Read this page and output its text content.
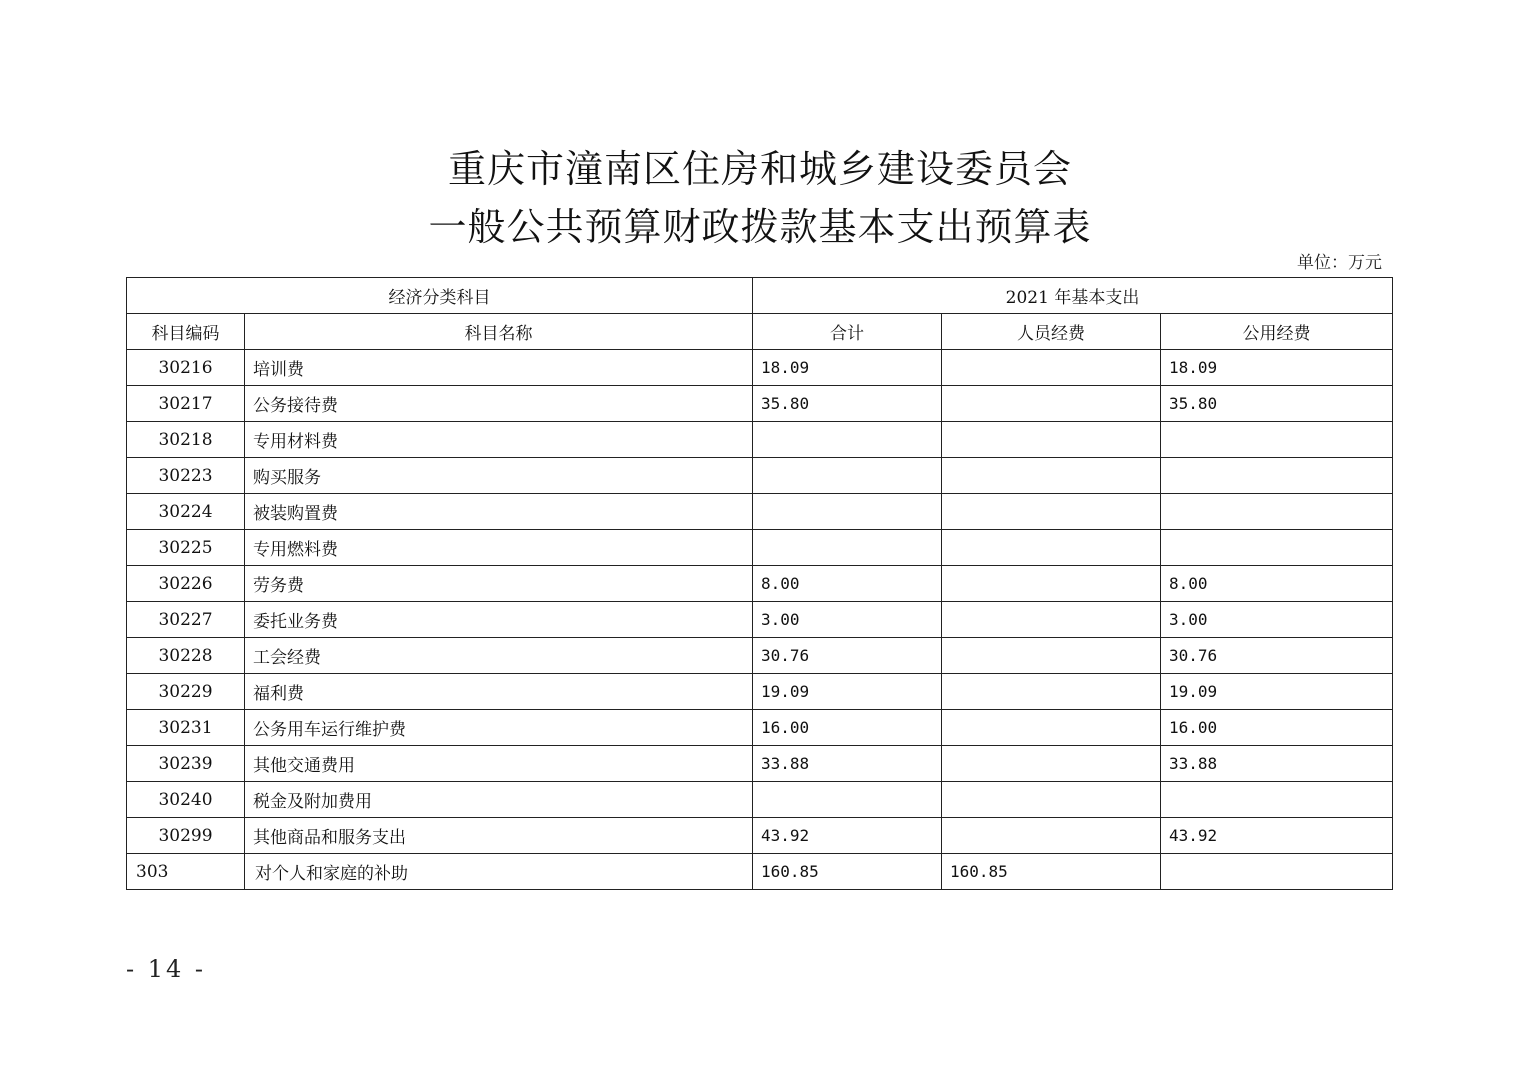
重庆市潼南区住房和城乡建设委员会
一般公共预算财政拨款基本支出预算表
单位：万元
经济分类科目		2021 年基本支出		
科目编码	科目名称	合计	人员经费	公用经费
30216	培训费	18.09		18.09
30217	公务接待费	35.80		35.80
30218	专用材料费			
30223	购买服务			
30224	被装购置费			
30225	专用燃料费			
30226	劳务费	8.00		8.00
30227	委托业务费	3.00		3.00
30228	工会经费	30.76		30.76
30229	福利费	19.09		19.09
30231	公务用车运行维护费	16.00		16.00
30239	其他交通费用	33.88		33.88
30240	税金及附加费用			
30299	其他商品和服务支出	43.92		43.92
303	对个人和家庭的补助	160.85	160.85	
- 14 -
